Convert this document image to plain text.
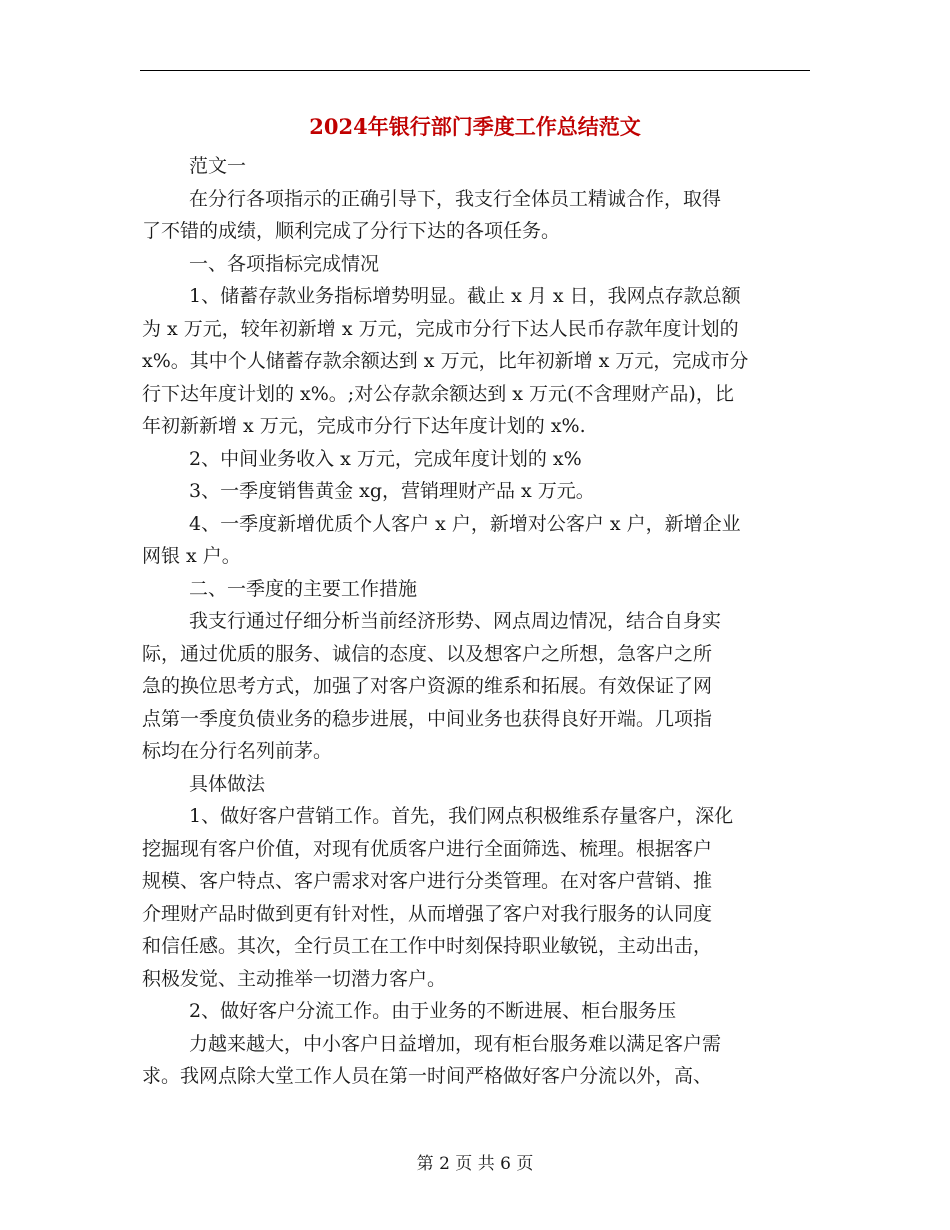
2024年银行部门季度工作总结范文
范文一
在分行各项指示的正确引导下，我支行全体员工精诚合作，取得
了不错的成绩，顺利完成了分行下达的各项任务。
一、各项指标完成情况
1、储蓄存款业务指标增势明显。截止 x 月 x 日，我网点存款总额
为 x 万元，较年初新增 x 万元，完成市分行下达人民币存款年度计划的
x%。其中个人储蓄存款余额达到 x 万元，比年初新增 x 万元，完成市分
行下达年度计划的 x%。;对公存款余额达到 x 万元(不含理财产品)，比
年初新新增 x 万元，完成市分行下达年度计划的 x%.
2、中间业务收入 x 万元，完成年度计划的 x%
3、一季度销售黄金 xg，营销理财产品 x 万元。
4、一季度新增优质个人客户 x 户，新增对公客户 x 户，新增企业
网银 x 户。
二、一季度的主要工作措施
我支行通过仔细分析当前经济形势、网点周边情况，结合自身实
际，通过优质的服务、诚信的态度、以及想客户之所想，急客户之所
急的换位思考方式，加强了对客户资源的维系和拓展。有效保证了网
点第一季度负债业务的稳步进展，中间业务也获得良好开端。几项指
标均在分行名列前茅。
具体做法
1、做好客户营销工作。首先，我们网点积极维系存量客户，深化
挖掘现有客户价值，对现有优质客户进行全面筛选、梳理。根据客户
规模、客户特点、客户需求对客户进行分类管理。在对客户营销、推
介理财产品时做到更有针对性，从而增强了客户对我行服务的认同度
和信任感。其次，全行员工在工作中时刻保持职业敏锐，主动出击，
积极发觉、主动推举一切潜力客户。
2、做好客户分流工作。由于业务的不断进展、柜台服务压
力越来越大，中小客户日益增加，现有柜台服务难以满足客户需
求。我网点除大堂工作人员在第一时间严格做好客户分流以外，高、
第 2 页 共 6 页
